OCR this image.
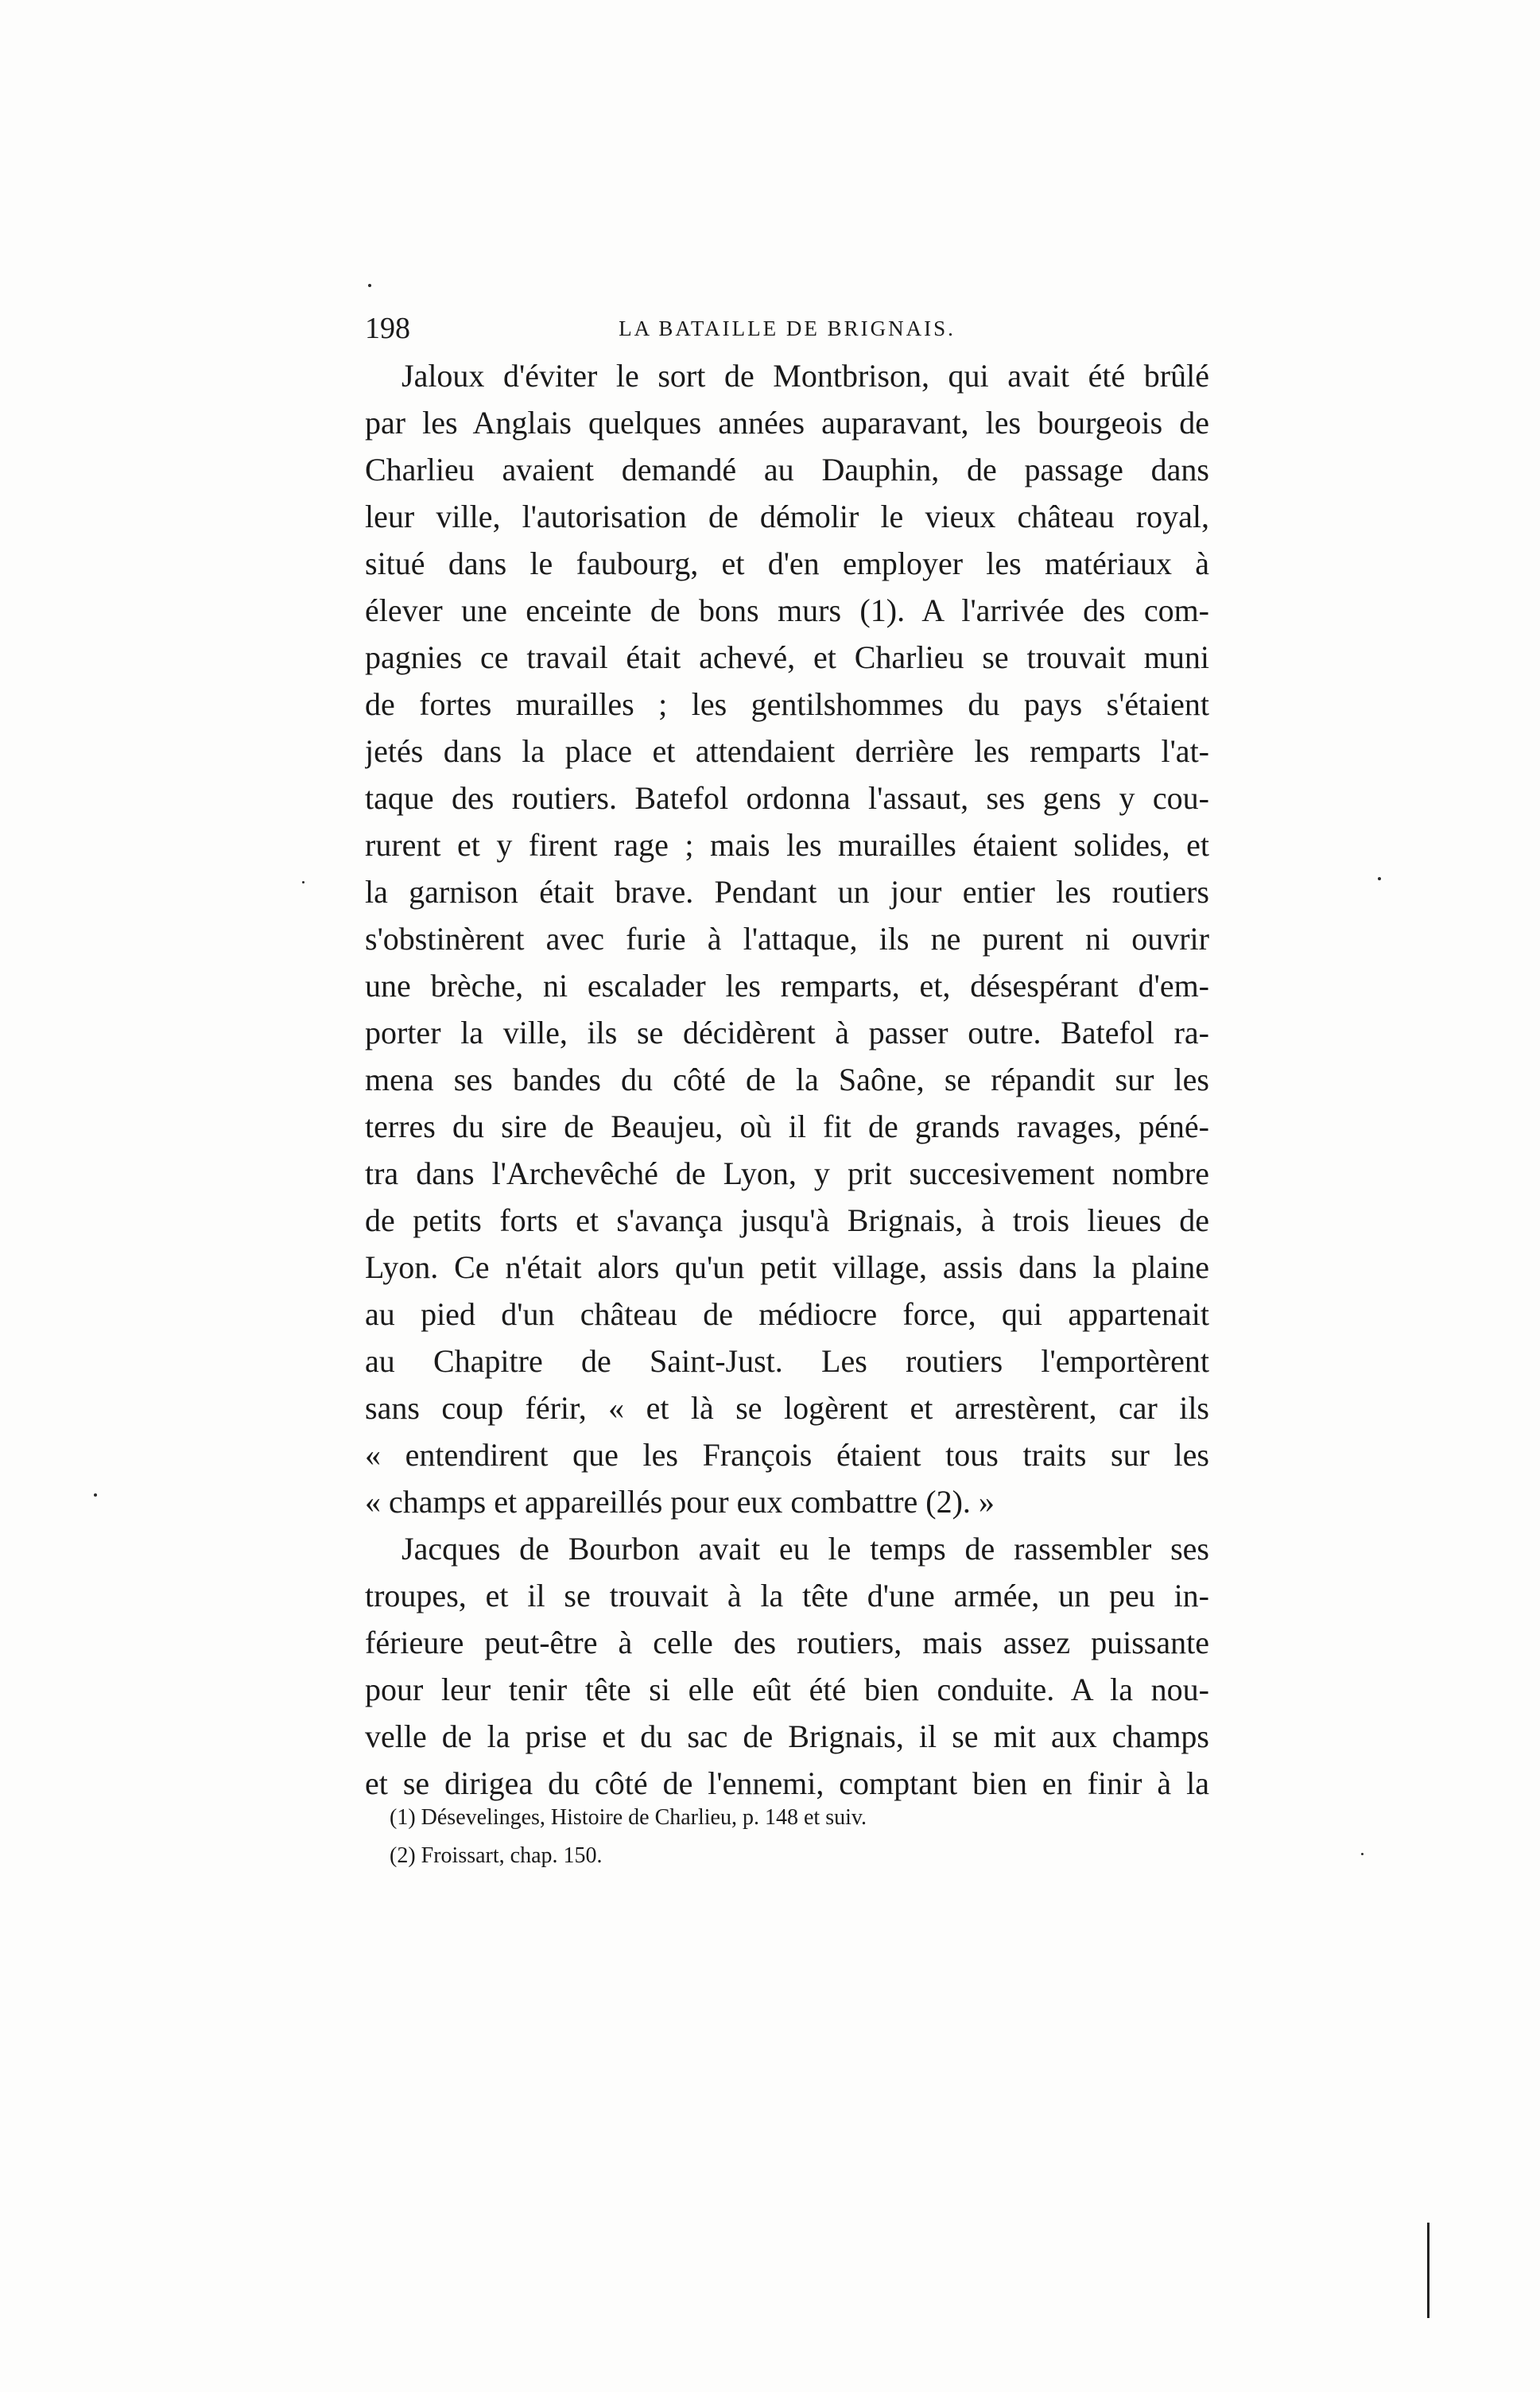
198	LA BATAILLE DE BRIGNAIS.
Jaloux d'éviter le sort de Montbrison, qui avait été brûlé
par les Anglais quelques années auparavant, les bourgeois de
Charlieu avaient demandé au Dauphin, de passage dans
leur ville, l'autorisation de démolir le vieux château royal,
situé dans le faubourg, et d'en employer les matériaux à
élever une enceinte de bons murs (1). A l'arrivée des com-
pagnies ce travail était achevé, et Charlieu se trouvait muni
de fortes murailles ; les gentilshommes du pays s'étaient
jetés dans la place et attendaient derrière les remparts l'at-
taque des routiers. Batefol ordonna l'assaut, ses gens y cou-
rurent et y firent rage ; mais les murailles étaient solides, et
la garnison était brave. Pendant un jour entier les routiers
s'obstinèrent avec furie à l'attaque, ils ne purent ni ouvrir
une brèche, ni escalader les remparts, et, désespérant d'em-
porter la ville, ils se décidèrent à passer outre. Batefol ra-
mena ses bandes du côté de la Saône, se répandit sur les
terres du sire de Beaujeu, où il fit de grands ravages, péné-
tra dans l'Archevêché de Lyon, y prit succesivement nombre
de petits forts et s'avança jusqu'à Brignais, à trois lieues de
Lyon. Ce n'était alors qu'un petit village, assis dans la plaine
au pied d'un château de médiocre force, qui appartenait
au Chapitre de Saint-Just. Les routiers l'emportèrent
sans coup férir, « et là se logèrent et arrestèrent, car ils
« entendirent que les François étaient tous traits sur les
« champs et appareillés pour eux combattre (2). »
Jacques de Bourbon avait eu le temps de rassembler ses
troupes, et il se trouvait à la tête d'une armée, un peu in-
férieure peut-être à celle des routiers, mais assez puissante
pour leur tenir tête si elle eût été bien conduite. A la nou-
velle de la prise et du sac de Brignais, il se mit aux champs
et se dirigea du côté de l'ennemi, comptant bien en finir à la
(1) Désevelinges, Histoire de Charlieu, p. 148 et suiv.
(2) Froissart, chap. 150.
